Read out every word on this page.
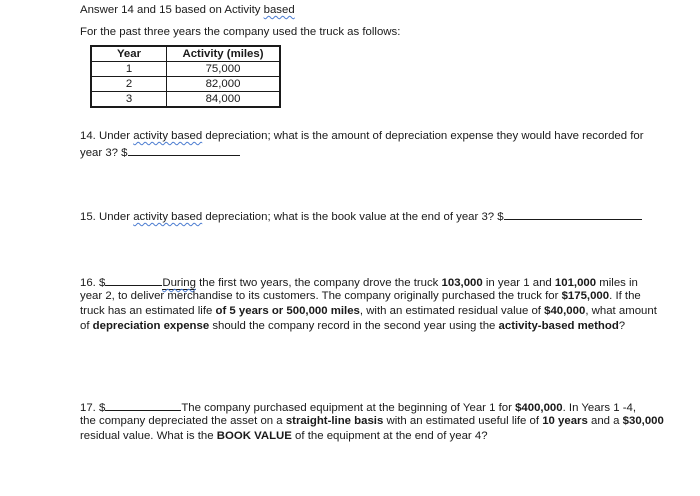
Answer 14 and 15 based on Activity based
For the past three years the company used the truck as follows:
Year	Activity (miles)
1	75,000
2	82,000
3	84,000
14. Under activity based depreciation; what is the amount of depreciation expense they would have recorded for
year 3? $
15. Under activity based depreciation; what is the book value at the end of year 3? $
16. $	During the first two years, the company drove the truck 103,000 in year 1 and 101,000 miles in
year 2, to deliver merchandise to its customers. The company originally purchased the truck for $175,000. If the
truck has an estimated life of 5 years or 500,000 miles, with an estimated residual value of $40,000, what amount
of depreciation expense should the company record in the second year using the activity-based method?
17. $	The company purchased equipment at the beginning of Year 1 for $400,000. In Years 1 -4,
the company depreciated the asset on a straight-line basis with an estimated useful life of 10 years and a $30,000
residual value. What is the BOOK VALUE of the equipment at the end of year 4?
